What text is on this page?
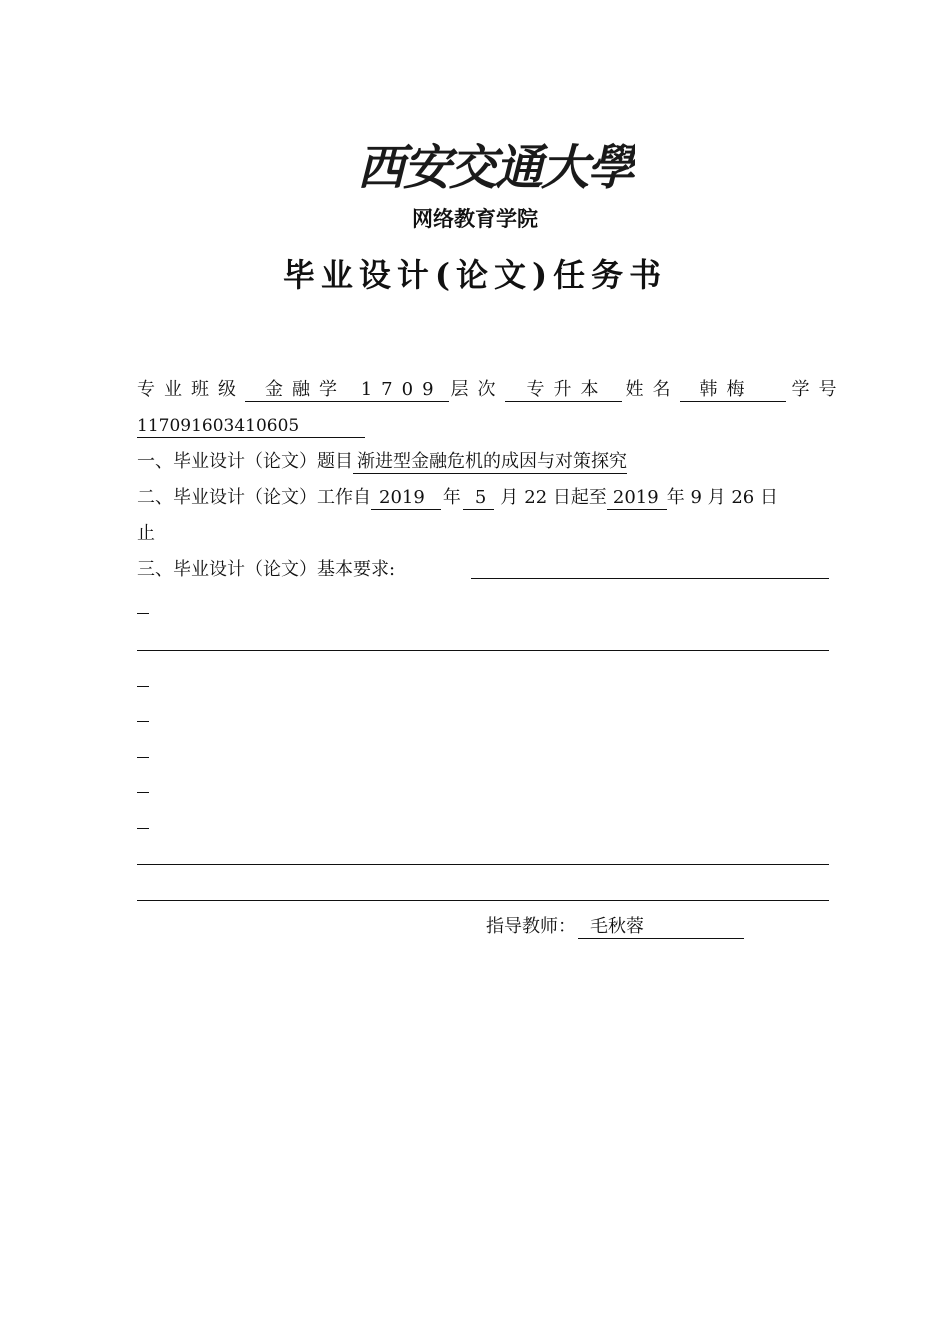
西安交通大學
网络教育学院
毕业设计(论文)任务书
专业班级 金融学 1709 层次 专升本 姓名 韩梅 学号
117091603410605
一、毕业设计（论文）题目 渐进型金融危机的成因与对策探究
二、毕业设计（论文）工作自 2019 年 5 月 22 日起至 2019 年 9 月 26 日
止
三、毕业设计（论文）基本要求:
指导教师： 毛秋蓉
